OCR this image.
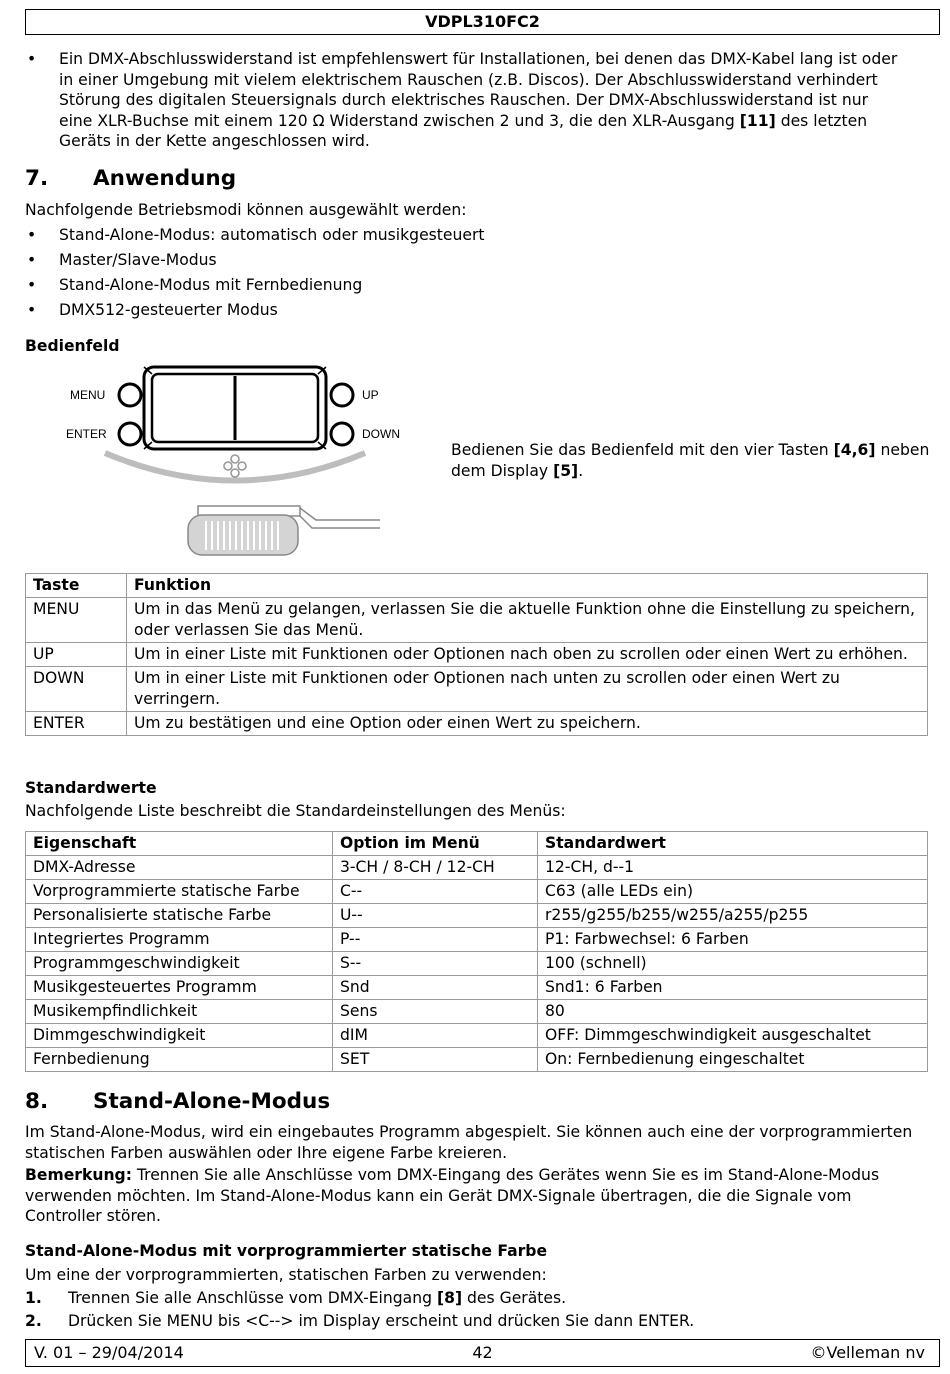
VDPL310FC2
• Ein DMX-Abschlusswiderstand ist empfehlenswert für Installationen, bei denen das DMX-Kabel lang ist oder in einer Umgebung mit vielem elektrischem Rauschen (z.B. Discos). Der Abschlusswiderstand verhindert Störung des digitalen Steuersignals durch elektrisches Rauschen. Der DMX-Abschlusswiderstand ist nur eine XLR-Buchse mit einem 120 Ω Widerstand zwischen 2 und 3, die den XLR-Ausgang [11] des letzten Geräts in der Kette angeschlossen wird.
7. Anwendung
Nachfolgende Betriebsmodi können ausgewählt werden:
• Stand-Alone-Modus: automatisch oder musikgesteuert
• Master/Slave-Modus
• Stand-Alone-Modus mit Fernbedienung
• DMX512-gesteuerter Modus
Bedienfeld
MENU
ENTER
UP
DOWN
Bedienen Sie das Bedienfeld mit den vier Tasten [4,6] neben dem Display [5].
Taste	Funktion
MENU	Um in das Menü zu gelangen, verlassen Sie die aktuelle Funktion ohne die Einstellung zu speichern, oder verlassen Sie das Menü.
UP	Um in einer Liste mit Funktionen oder Optionen nach oben zu scrollen oder einen Wert zu erhöhen.
DOWN	Um in einer Liste mit Funktionen oder Optionen nach unten zu scrollen oder einen Wert zu verringern.
ENTER	Um zu bestätigen und eine Option oder einen Wert zu speichern.
Standardwerte
Nachfolgende Liste beschreibt die Standardeinstellungen des Menüs:
Eigenschaft	Option im Menü	Standardwert
DMX-Adresse	3-CH / 8-CH / 12-CH	12-CH, d--1
Vorprogrammierte statische Farbe	C--	C63 (alle LEDs ein)
Personalisierte statische Farbe	U--	r255/g255/b255/w255/a255/p255
Integriertes Programm	P--	P1: Farbwechsel: 6 Farben
Programmgeschwindigkeit	S--	100 (schnell)
Musikgesteuertes Programm	Snd	Snd1: 6 Farben
Musikempfindlichkeit	Sens	80
Dimmgeschwindigkeit	dIM	OFF: Dimmgeschwindigkeit ausgeschaltet
Fernbedienung	SET	On: Fernbedienung eingeschaltet
8. Stand-Alone-Modus
Im Stand-Alone-Modus, wird ein eingebautes Programm abgespielt. Sie können auch eine der vorprogrammierten statischen Farben auswählen oder Ihre eigene Farbe kreieren.
Bemerkung: Trennen Sie alle Anschlüsse vom DMX-Eingang des Gerätes wenn Sie es im Stand-Alone-Modus verwenden möchten. Im Stand-Alone-Modus kann ein Gerät DMX-Signale übertragen, die die Signale vom Controller stören.
Stand-Alone-Modus mit vorprogrammierter statische Farbe
Um eine der vorprogrammierten, statischen Farben zu verwenden:
1. Trennen Sie alle Anschlüsse vom DMX-Eingang [8] des Gerätes.
2. Drücken Sie MENU bis <C--> im Display erscheint und drücken Sie dann ENTER.
V. 01 – 29/04/2014	42	©Velleman nv
